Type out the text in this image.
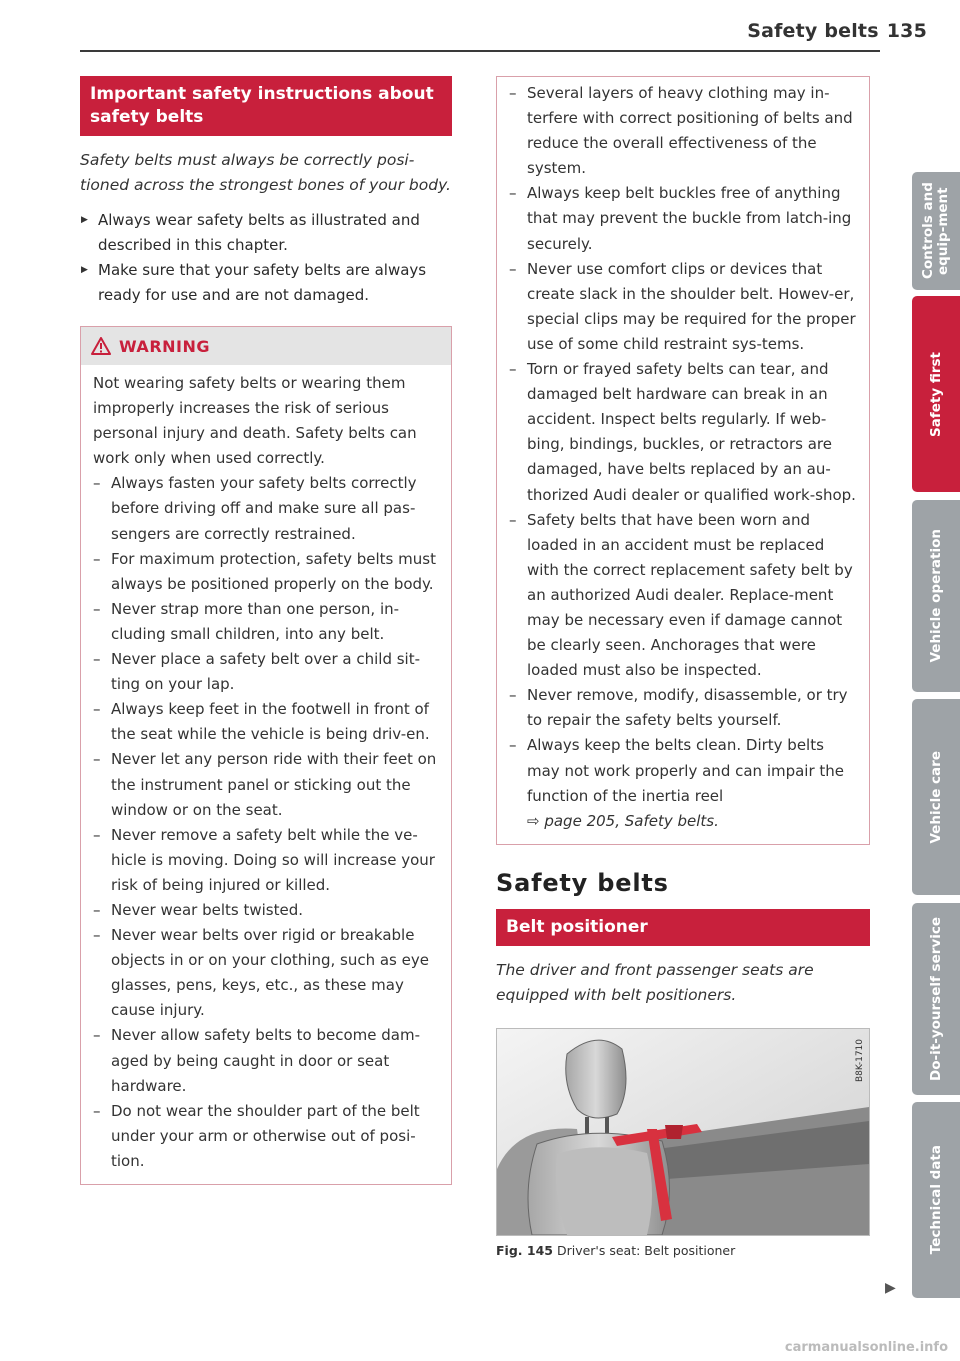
Safety belts 135
Important safety instructions about safety belts
Safety belts must always be correctly posi-tioned across the strongest bones of your body.
▶ Always wear safety belts as illustrated and described in this chapter.
▶ Make sure that your safety belts are always ready for use and are not damaged.
WARNING

Not wearing safety belts or wearing them improperly increases the risk of serious personal injury and death. Safety belts can work only when used correctly.

– Always fasten your safety belts correctly before driving off and make sure all pas-sengers are correctly restrained.
– For maximum protection, safety belts must always be positioned properly on the body.
– Never strap more than one person, in-cluding small children, into any belt.
– Never place a safety belt over a child sit-ting on your lap.
– Always keep feet in the footwell in front of the seat while the vehicle is being driv-en.
– Never let any person ride with their feet on the instrument panel or sticking out the window or on the seat.
– Never remove a safety belt while the ve-hicle is moving. Doing so will increase your risk of being injured or killed.
– Never wear belts twisted.
– Never wear belts over rigid or breakable objects in or on your clothing, such as eye glasses, pens, keys, etc., as these may cause injury.
– Never allow safety belts to become dam-aged by being caught in door or seat hardware.
– Do not wear the shoulder part of the belt under your arm or otherwise out of posi-tion.
– Several layers of heavy clothing may in-terfere with correct positioning of belts and reduce the overall effectiveness of the system.
– Always keep belt buckles free of anything that may prevent the buckle from latch-ing securely.
– Never use comfort clips or devices that create slack in the shoulder belt. Howev-er, special clips may be required for the proper use of some child restraint sys-tems.
– Torn or frayed safety belts can tear, and damaged belt hardware can break in an accident. Inspect belts regularly. If web-bing, bindings, buckles, or retractors are damaged, have belts replaced by an au-thorized Audi dealer or qualified work-shop.
– Safety belts that have been worn and loaded in an accident must be replaced with the correct replacement safety belt by an authorized Audi dealer. Replace-ment may be necessary even if damage cannot be clearly seen. Anchorages that were loaded must also be inspected.
– Never remove, modify, disassemble, or try to repair the safety belts yourself.
– Always keep the belts clean. Dirty belts may not work properly and can impair the function of the inertia reel
⇨ page 205, Safety belts.
Safety belts
Belt positioner
The driver and front passenger seats are equipped with belt positioners.
B8K-1710
Fig. 145 Driver's seat: Belt positioner
▶
Controls and equip-ment
Safety first
Vehicle operation
Vehicle care
Do-it-yourself service
Technical data
carmanualsonline.info
